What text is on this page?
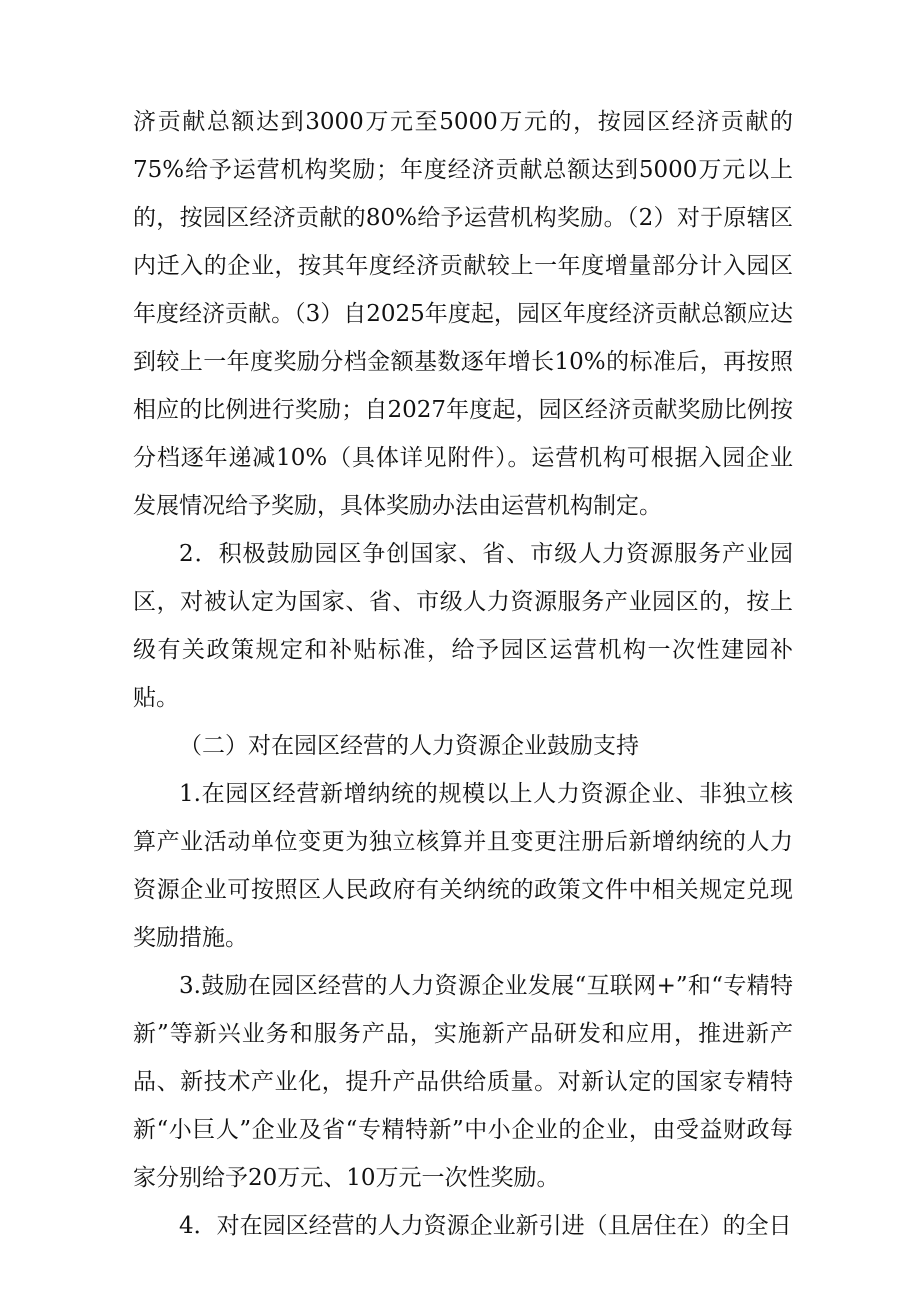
济贡献总额达到3000万元至5000万元的，按园区经济贡献的75%给予运营机构奖励；年度经济贡献总额达到5000万元以上的，按园区经济贡献的80%给予运营机构奖励。（2）对于原辖区内迁入的企业，按其年度经济贡献较上一年度增量部分计入园区年度经济贡献。（3）自2025年度起，园区年度经济贡献总额应达到较上一年度奖励分档金额基数逐年增长10%的标准后，再按照相应的比例进行奖励；自2027年度起，园区经济贡献奖励比例按分档逐年递减10%（具体详见附件）。运营机构可根据入园企业发展情况给予奖励，具体奖励办法由运营机构制定。

2．积极鼓励园区争创国家、省、市级人力资源服务产业园区，对被认定为国家、省、市级人力资源服务产业园区的，按上级有关政策规定和补贴标准，给予园区运营机构一次性建园补贴。

（二）对在园区经营的人力资源企业鼓励支持

1.在园区经营新增纳统的规模以上人力资源企业、非独立核算产业活动单位变更为独立核算并且变更注册后新增纳统的人力资源企业可按照区人民政府有关纳统的政策文件中相关规定兑现奖励措施。

3.鼓励在园区经营的人力资源企业发展“互联网+”和“专精特新”等新兴业务和服务产品，实施新产品研发和应用，推进新产品、新技术产业化，提升产品供给质量。对新认定的国家专精特新“小巨人”企业及省“专精特新”中小企业的企业，由受益财政每家分别给予20万元、10万元一次性奖励。

4．对在园区经营的人力资源企业新引进（且居住在）的全日
